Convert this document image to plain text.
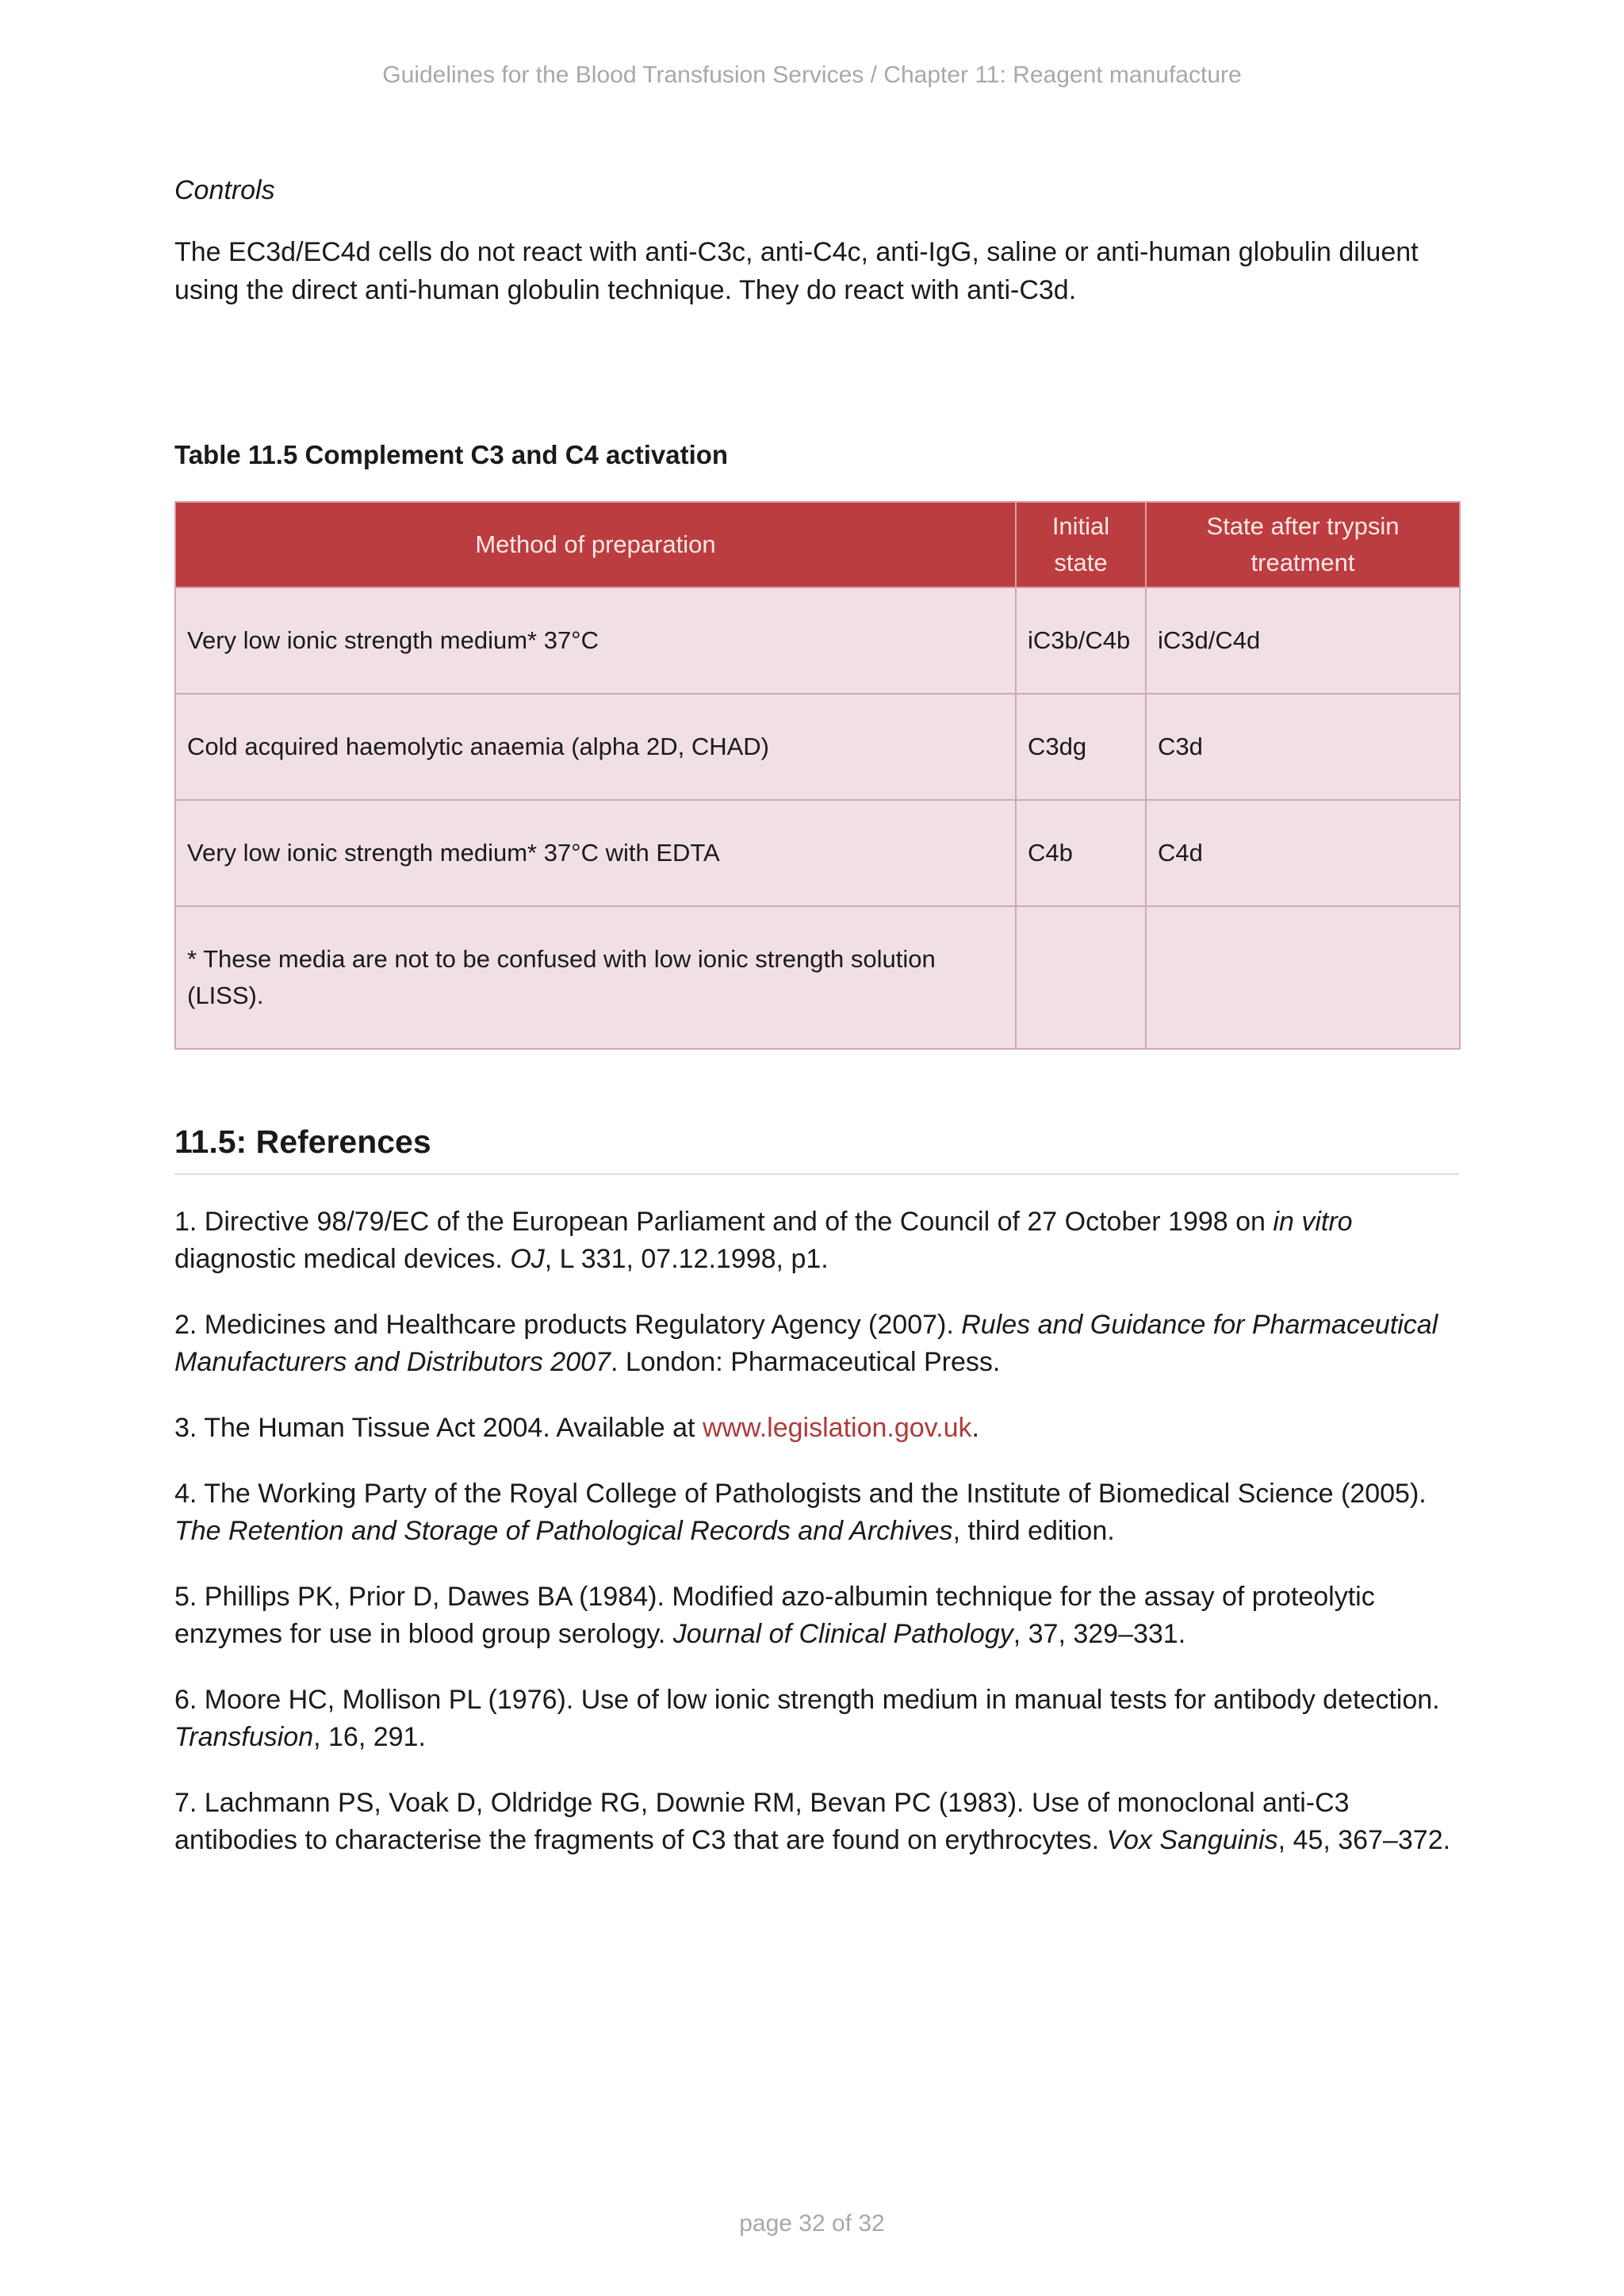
Guidelines for the Blood Transfusion Services / Chapter 11: Reagent manufacture

Controls

The EC3d/EC4d cells do not react with anti-C3c, anti-C4c, anti-IgG, saline or anti-human globulin diluent using the direct anti-human globulin technique. They do react with anti-C3d.

Table 11.5 Complement C3 and C4 activation

Method of preparation	Initial state	State after trypsin treatment
Very low ionic strength medium* 37°C	iC3b/C4b	iC3d/C4d
Cold acquired haemolytic anaemia (alpha 2D, CHAD)	C3dg	C3d
Very low ionic strength medium* 37°C with EDTA	C4b	C4d
* These media are not to be confused with low ionic strength solution (LISS).		
11.5: References

1. Directive 98/79/EC of the European Parliament and of the Council of 27 October 1998 on in vitro diagnostic medical devices. OJ, L 331, 07.12.1998, p1.

2. Medicines and Healthcare products Regulatory Agency (2007). Rules and Guidance for Pharmaceutical Manufacturers and Distributors 2007. London: Pharmaceutical Press.

3. The Human Tissue Act 2004. Available at www.legislation.gov.uk.

4. The Working Party of the Royal College of Pathologists and the Institute of Biomedical Science (2005). The Retention and Storage of Pathological Records and Archives, third edition.

5. Phillips PK, Prior D, Dawes BA (1984). Modified azo-albumin technique for the assay of proteolytic enzymes for use in blood group serology. Journal of Clinical Pathology, 37, 329–331.

6. Moore HC, Mollison PL (1976). Use of low ionic strength medium in manual tests for antibody detection. Transfusion, 16, 291.

7. Lachmann PS, Voak D, Oldridge RG, Downie RM, Bevan PC (1983). Use of monoclonal anti-C3 antibodies to characterise the fragments of C3 that are found on erythrocytes. Vox Sanguinis, 45, 367–372.

page 32 of 32
